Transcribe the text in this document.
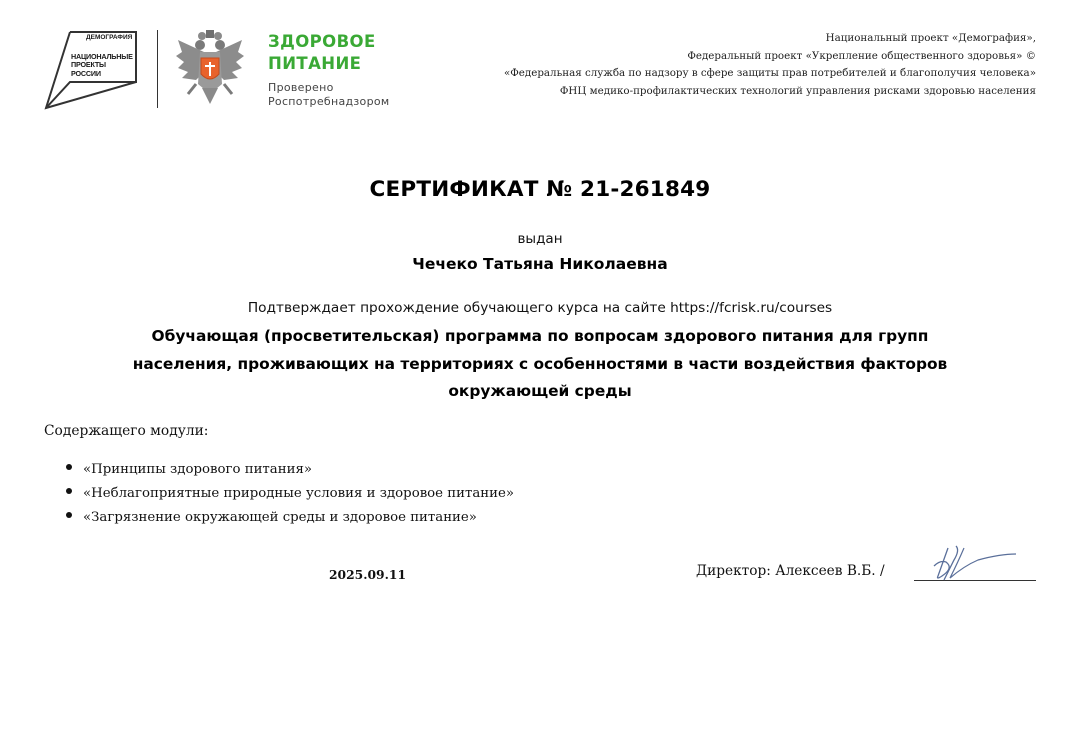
ДЕМОГРАФИЯ
НАЦИОНАЛЬНЫЕ
ПРОЕКТЫ
РОССИИ
ЗДОРОВОЕ
ПИТАНИЕ
Проверено
Роспотребнадзором
Национальный проект «Демография»,
Федеральный проект «Укрепление общественного здоровья» ©
«Федеральная служба по надзору в сфере защиты прав потребителей и благополучия человека»
ФНЦ медико-профилактических технологий управления рисками здоровью населения
СЕРТИФИКАТ № 21-261849
выдан
Чечеко Татьяна Николаевна
Подтверждает прохождение обучающего курса на сайте https://fcrisk.ru/courses
Обучающая (просветительская) программа по вопросам здорового питания для групп
населения, проживающих на территориях с особенностями в части воздействия факторов
окружающей среды
Содержащего модули:
«Принципы здорового питания»
«Неблагоприятные природные условия и здоровое питание»
«Загрязнение окружающей среды и здоровое питание»
2025.09.11	Директор: Алексеев В.Б. /
